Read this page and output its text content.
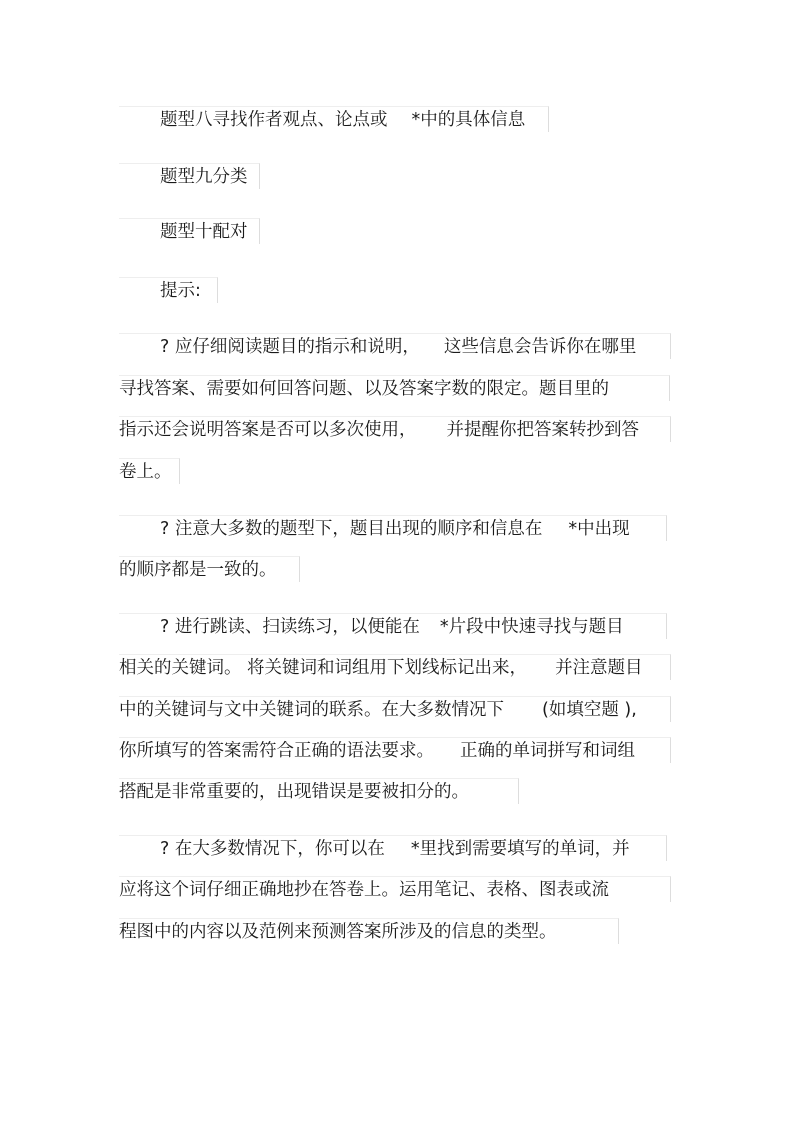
题型八寻找作者观点、论点或 *中的具体信息
题型九分类
题型十配对
提示:
? 应仔细阅读题目的指示和说明， 这些信息会告诉你在哪里
寻找答案、需要如何回答问题、以及答案字数的限定。题目里的
指示还会说明答案是否可以多次使用， 并提醒你把答案转抄到答
卷上。
? 注意大多数的题型下，题目出现的顺序和信息在 *中出现
的顺序都是一致的。
? 进行跳读、扫读练习，以便能在 *片段中快速寻找与题目
相关的关键词。 将关键词和词组用下划线标记出来， 并注意题目
中的关键词与文中关键词的联系。在大多数情况下 (如填空题 ),
你所填写的答案需符合正确的语法要求。 正确的单词拼写和词组
搭配是非常重要的，出现错误是要被扣分的。
? 在大多数情况下，你可以在 *里找到需要填写的单词，并
应将这个词仔细正确地抄在答卷上。运用笔记、表格、图表或流
程图中的内容以及范例来预测答案所涉及的信息的类型。
